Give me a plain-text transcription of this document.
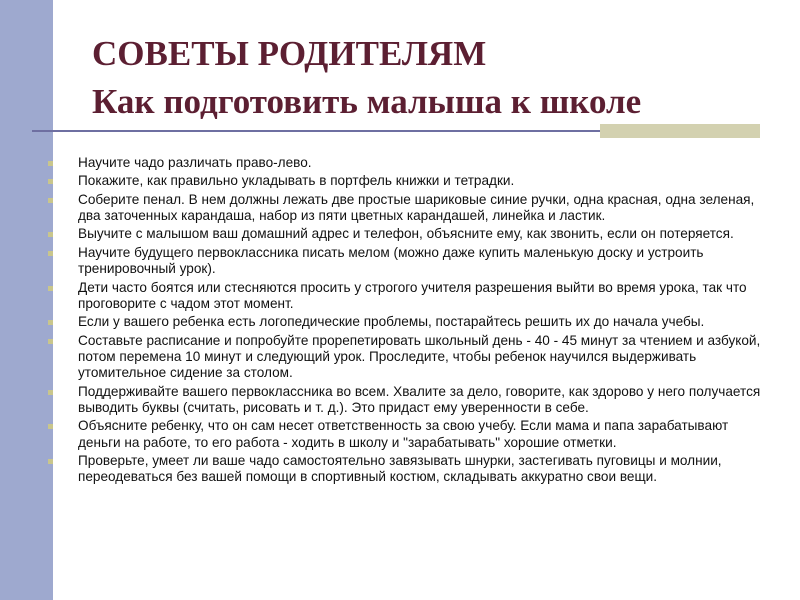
СОВЕТЫ РОДИТЕЛЯМ
Как подготовить малыша к школе
Научите чадо различать право-лево.
Покажите, как правильно укладывать в портфель книжки и тетрадки.
Соберите пенал. В нем должны лежать две простые шариковые синие ручки, одна красная, одна зеленая, два заточенных карандаша, набор из пяти цветных карандашей, линейка и ластик.
Выучите с малышом ваш домашний адрес и телефон, объясните ему, как звонить, если он потеряется.
Научите будущего первоклассника писать мелом (можно даже купить маленькую доску и устроить тренировочный урок).
Дети часто боятся или стесняются просить у строгого учителя разрешения выйти во время урока, так что проговорите с чадом этот момент.
Если у вашего ребенка есть логопедические проблемы, постарайтесь решить их до начала учебы.
Составьте расписание и попробуйте прорепетировать школьный день - 40 - 45 минут за чтением и азбукой, потом перемена 10 минут и следующий урок. Проследите, чтобы ребенок научился выдерживать утомительное сидение за столом.
Поддерживайте вашего первоклассника во всем. Хвалите за дело, говорите, как здорово у него получается выводить буквы (считать, рисовать и т. д.). Это придаст ему уверенности в себе.
Объясните ребенку, что он сам несет ответственность за свою учебу. Если мама и папа зарабатывают деньги на работе, то его работа - ходить в школу и "зарабатывать" хорошие отметки.
Проверьте, умеет ли ваше чадо самостоятельно завязывать шнурки, застегивать пуговицы и молнии, переодеваться без вашей помощи в спортивный костюм, складывать аккуратно свои вещи.
